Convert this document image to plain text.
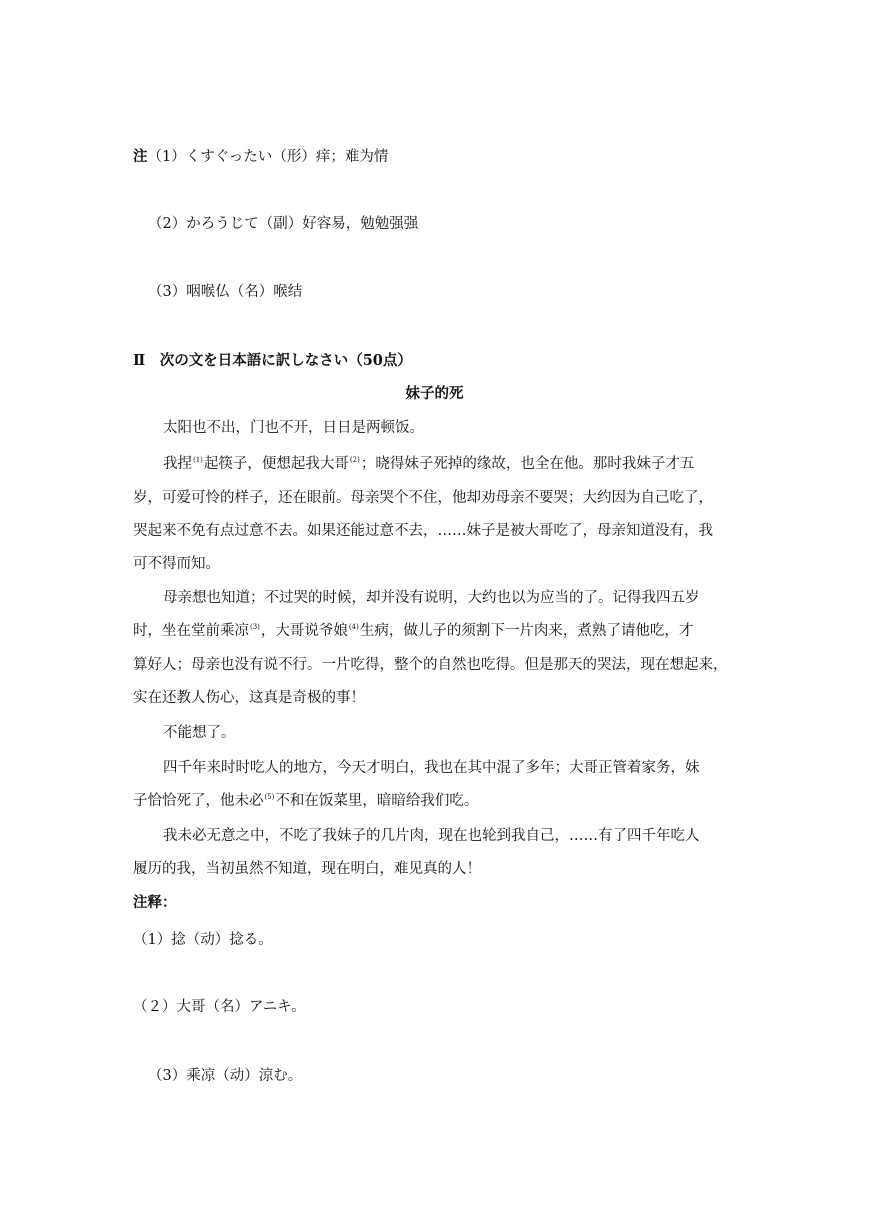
注（1）くすぐったい（形）痒；难为情
（2）かろうじて（副）好容易，勉勉强强
（3）咽喉仏（名）喉结
Ⅱ　次の文を日本語に訳しなさい（50点）
妹子的死
太阳也不出，门也不开，日日是两顿饭。
我捏$^{(1)}$起筷子，便想起我大哥$^{(2)}$；晓得妹子死掉的缘故，也全在他。那时我妹子才五
岁，可爱可怜的样子，还在眼前。母亲哭个不住，他却劝母亲不要哭；大约因为自己吃了，
哭起来不免有点过意不去。如果还能过意不去，……妹子是被大哥吃了，母亲知道没有，我
可不得而知。
母亲想也知道；不过哭的时候，却并没有说明，大约也以为应当的了。记得我四五岁
时，坐在堂前乘凉$^{(3)}$，大哥说爷娘$^{(4)}$生病，做儿子的须割下一片肉来，煮熟了请他吃，才
算好人；母亲也没有说不行。一片吃得，整个的自然也吃得。但是那天的哭法，现在想起来，
实在还教人伤心，这真是奇极的事！
不能想了。
四千年来时时吃人的地方，今天才明白，我也在其中混了多年；大哥正管着家务，妹
子恰恰死了，他未必$^{(5)}$不和在饭菜里，暗暗给我们吃。
我未必无意之中，不吃了我妹子的几片肉，现在也轮到我自己，……有了四千年吃人
履历的我，当初虽然不知道，现在明白，难见真的人！
注释：
（1）捻（动）捻る。
（２）大哥（名）アニキ。
（3）乘凉（动）涼む。
